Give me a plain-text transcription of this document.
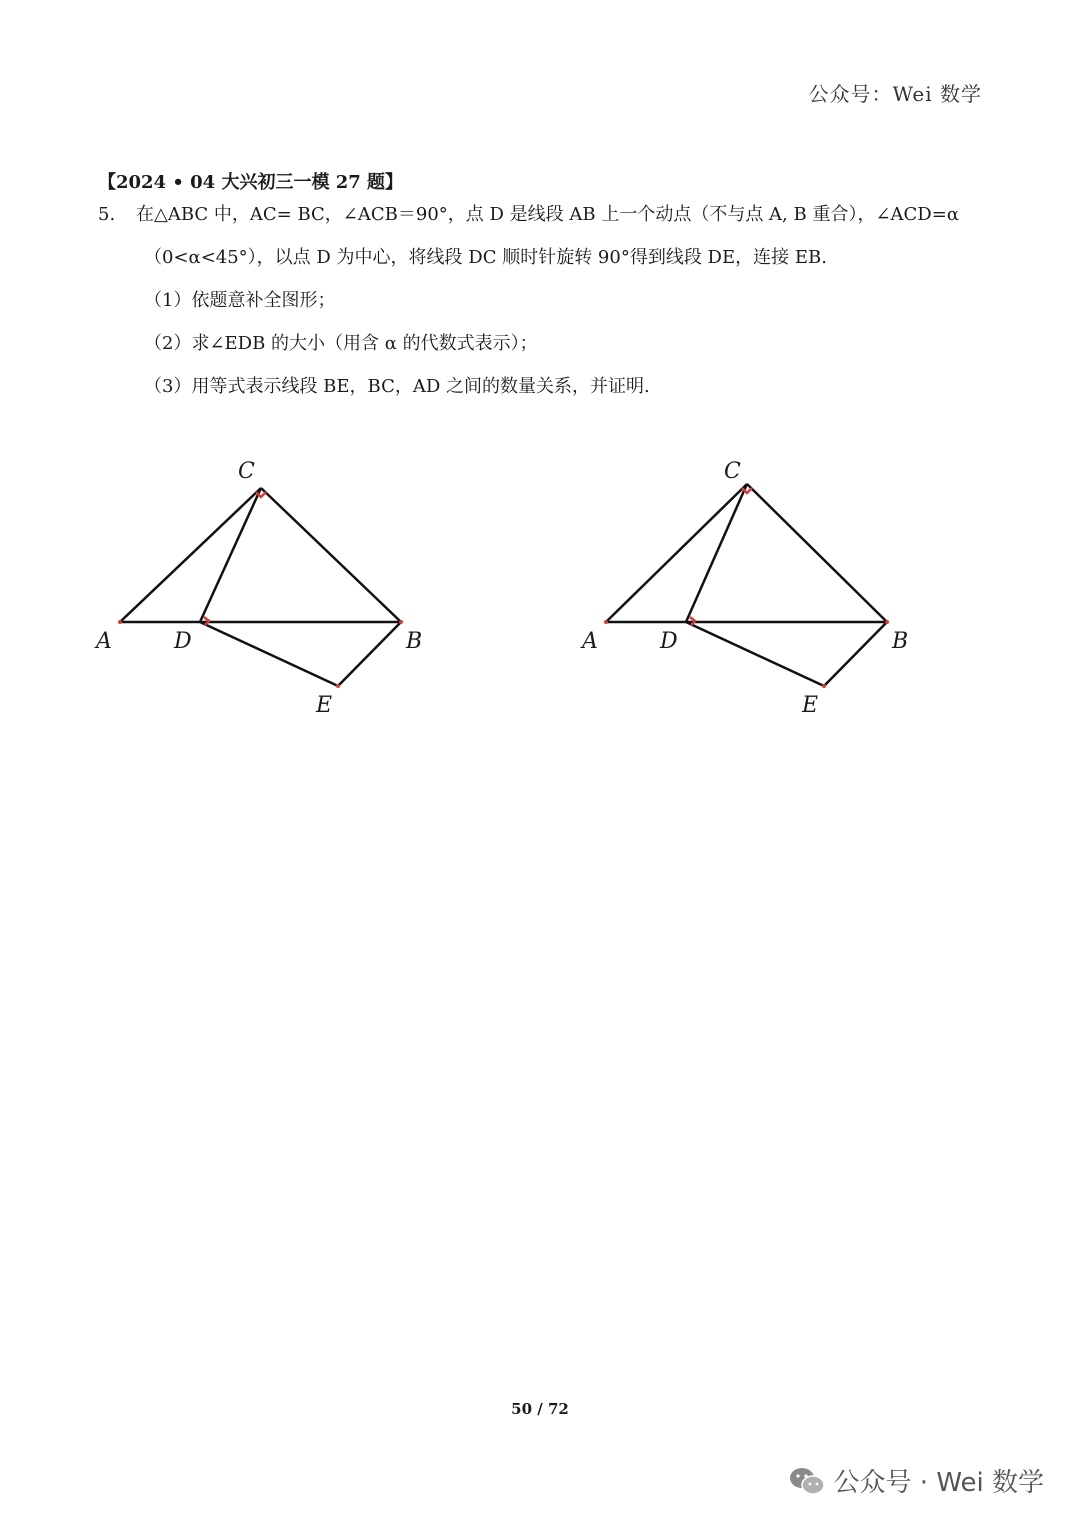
公众号：Wei 数学
【2024 • 04 大兴初三一模 27 题】
5. 在△ABC 中，AC= BC，∠ACB＝90°，点 D 是线段 AB 上一个动点（不与点 A, B 重合），∠ACD=α
（0<α<45°），以点 D 为中心，将线段 DC 顺时针旋转 90°得到线段 DE，连接 EB.
（1）依题意补全图形；
（2）求∠EDB 的大小（用含 α 的代数式表示）；
（3）用等式表示线段 BE，BC，AD 之间的数量关系，并证明.
C
A	D	B
E
C
A	D	B
E
50 / 72
公众号 · Wei 数学
